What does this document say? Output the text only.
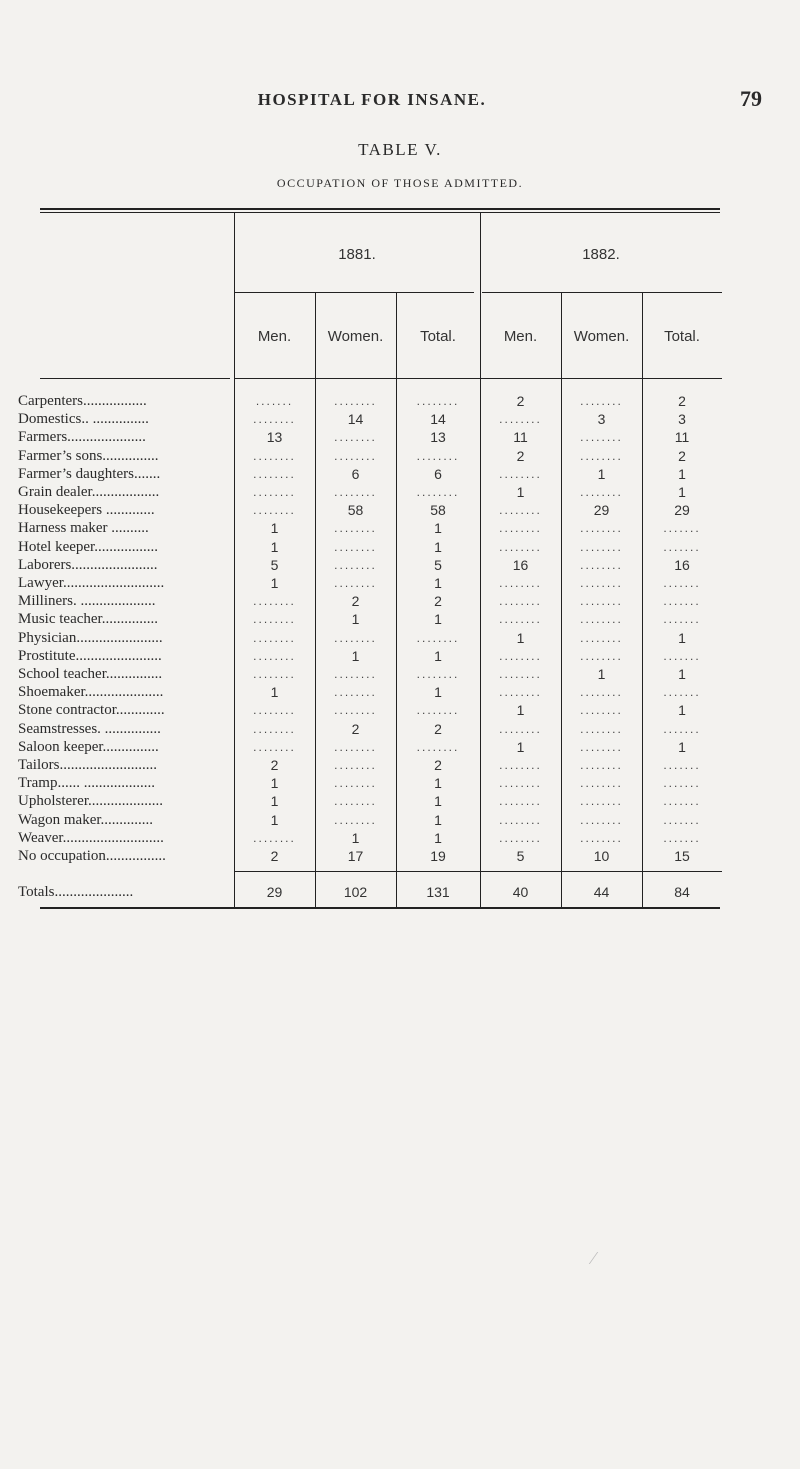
HOSPITAL FOR INSANE.	79
TABLE V.
OCCUPATION OF THOSE ADMITTED.
1881.	1882.
Men.	Women.	Total.	Men.	Women.	Total.
Carpenters.................	.......	........	........	2	........	2
Domestics.. ...............	........	14	14	........	3	3
Farmers.....................	13	........	13	11	........	11
Farmer’s sons...............	........	........	........	2	........	2
Farmer’s daughters.......	........	6	6	........	1	1
Grain dealer..................	........	........	........	1	........	1
Housekeepers .............	........	58	58	........	29	29
Harness maker ..........	1	........	1	........	........	.......
Hotel keeper.................	1	........	1	........	........	.......
Laborers.......................	5	........	5	16	........	16
Lawyer...........................	1	........	1	........	........	.......
Milliners. ....................	........	2	2	........	........	.......
Music teacher...............	........	1	1	........	........	.......
Physician.......................	........	........	........	1	........	1
Prostitute.......................	........	1	1	........	........	.......
School teacher...............	........	........	........	........	1	1
Shoemaker.....................	1	........	1	........	........	.......
Stone contractor.............	........	........	........	1	........	1
Seamstresses. ...............	........	2	2	........	........	.......
Saloon keeper...............	........	........	........	1	........	1
Tailors..........................	2	........	2	........	........	.......
Tramp...... ...................	1	........	1	........	........	.......
Upholsterer....................	1	........	1	........	........	.......
Wagon maker..............	1	........	1	........	........	.......
Weaver...........................	........	1	1	........	........	.......
No occupation................	2	17	19	5	10	15
Totals.....................	29	102	131	40	44	84
⁄
